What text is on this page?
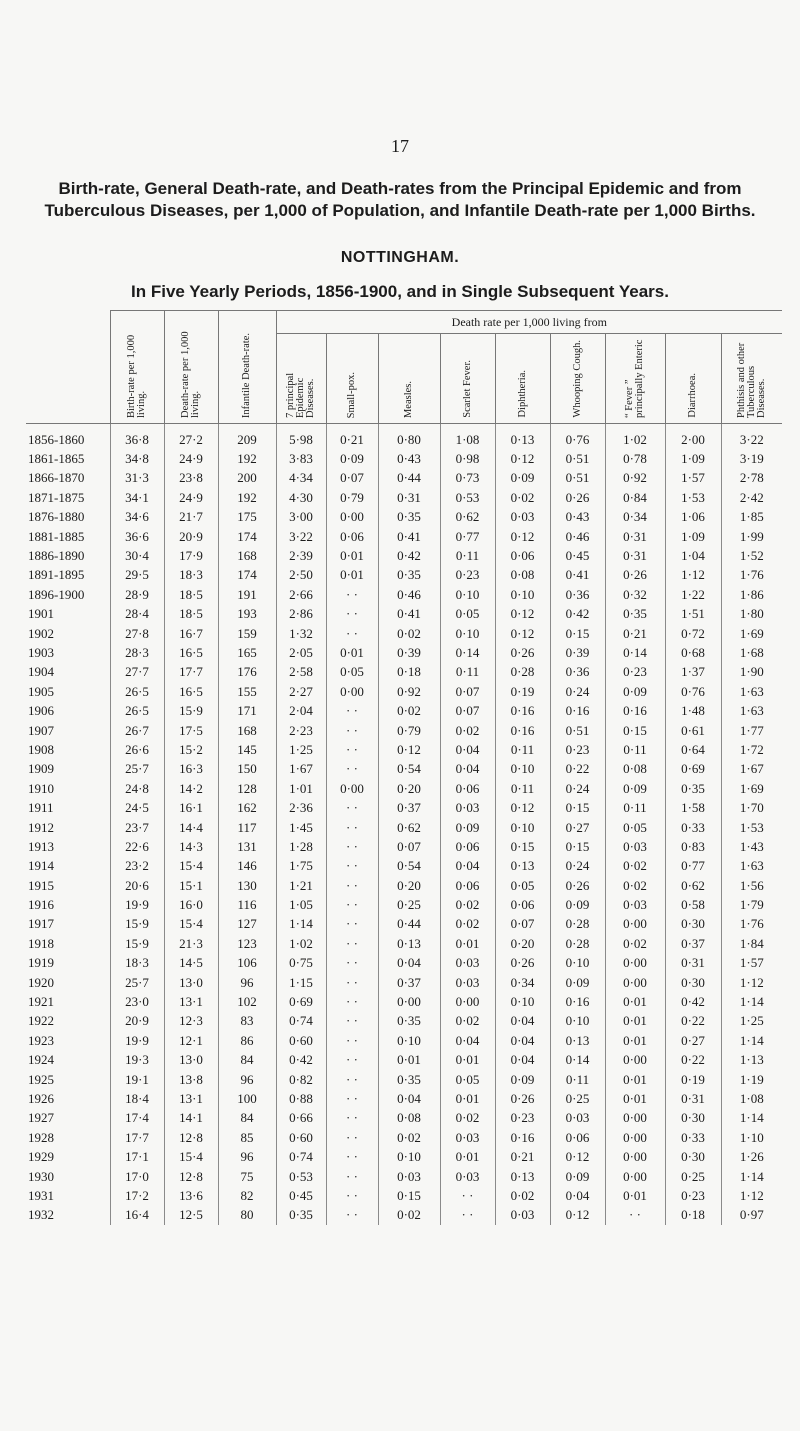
17
Birth-rate, General Death-rate, and Death-rates from the Principal Epidemic and from Tuberculous Diseases, per 1,000 of Population, and Infantile Death-rate per 1,000 Births.
NOTTINGHAM.
In Five Yearly Periods, 1856-1900, and in Single Subsequent Years.
	Birth-rate per 1,000 living.	Death-rate per 1,000 living.	Infantile Death-rate.	Death rate per 1,000 living from								
				7 principal Epidemic Diseases.	Small-pox.	Measles.	Scarlet Fever.	Diphtheria.	Whooping Cough.	“ Fever ” principally Enteric	Diarrhoea.	Phthisis and other Tuberculous Diseases.
1856-1860	36·8	27·2	209	5·98	0·21	0·80	1·08	0·13	0·76	1·02	2·00	3·22
1861-1865	34·8	24·9	192	3·83	0·09	0·43	0·98	0·12	0·51	0·78	1·09	3·19
1866-1870	31·3	23·8	200	4·34	0·07	0·44	0·73	0·09	0·51	0·92	1·57	2·78
1871-1875	34·1	24·9	192	4·30	0·79	0·31	0·53	0·02	0·26	0·84	1·53	2·42
1876-1880	34·6	21·7	175	3·00	0·00	0·35	0·62	0·03	0·43	0·34	1·06	1·85
1881-1885	36·6	20·9	174	3·22	0·06	0·41	0·77	0·12	0·46	0·31	1·09	1·99
1886-1890	30·4	17·9	168	2·39	0·01	0·42	0·11	0·06	0·45	0·31	1·04	1·52
1891-1895	29·5	18·3	174	2·50	0·01	0·35	0·23	0·08	0·41	0·26	1·12	1·76
1896-1900	28·9	18·5	191	2·66	· ·	0·46	0·10	0·10	0·36	0·32	1·22	1·86
1901	28·4	18·5	193	2·86	· ·	0·41	0·05	0·12	0·42	0·35	1·51	1·80
1902	27·8	16·7	159	1·32	· ·	0·02	0·10	0·12	0·15	0·21	0·72	1·69
1903	28·3	16·5	165	2·05	0·01	0·39	0·14	0·26	0·39	0·14	0·68	1·68
1904	27·7	17·7	176	2·58	0·05	0·18	0·11	0·28	0·36	0·23	1·37	1·90
1905	26·5	16·5	155	2·27	0·00	0·92	0·07	0·19	0·24	0·09	0·76	1·63
1906	26·5	15·9	171	2·04	· ·	0·02	0·07	0·16	0·16	0·16	1·48	1·63
1907	26·7	17·5	168	2·23	· ·	0·79	0·02	0·16	0·51	0·15	0·61	1·77
1908	26·6	15·2	145	1·25	· ·	0·12	0·04	0·11	0·23	0·11	0·64	1·72
1909	25·7	16·3	150	1·67	· ·	0·54	0·04	0·10	0·22	0·08	0·69	1·67
1910	24·8	14·2	128	1·01	0·00	0·20	0·06	0·11	0·24	0·09	0·35	1·69
1911	24·5	16·1	162	2·36	· ·	0·37	0·03	0·12	0·15	0·11	1·58	1·70
1912	23·7	14·4	117	1·45	· ·	0·62	0·09	0·10	0·27	0·05	0·33	1·53
1913	22·6	14·3	131	1·28	· ·	0·07	0·06	0·15	0·15	0·03	0·83	1·43
1914	23·2	15·4	146	1·75	· ·	0·54	0·04	0·13	0·24	0·02	0·77	1·63
1915	20·6	15·1	130	1·21	· ·	0·20	0·06	0·05	0·26	0·02	0·62	1·56
1916	19·9	16·0	116	1·05	· ·	0·25	0·02	0·06	0·09	0·03	0·58	1·79
1917	15·9	15·4	127	1·14	· ·	0·44	0·02	0·07	0·28	0·00	0·30	1·76
1918	15·9	21·3	123	1·02	· ·	0·13	0·01	0·20	0·28	0·02	0·37	1·84
1919	18·3	14·5	106	0·75	· ·	0·04	0·03	0·26	0·10	0·00	0·31	1·57
1920	25·7	13·0	96	1·15	· ·	0·37	0·03	0·34	0·09	0·00	0·30	1·12
1921	23·0	13·1	102	0·69	· ·	0·00	0·00	0·10	0·16	0·01	0·42	1·14
1922	20·9	12·3	83	0·74	· ·	0·35	0·02	0·04	0·10	0·01	0·22	1·25
1923	19·9	12·1	86	0·60	· ·	0·10	0·04	0·04	0·13	0·01	0·27	1·14
1924	19·3	13·0	84	0·42	· ·	0·01	0·01	0·04	0·14	0·00	0·22	1·13
1925	19·1	13·8	96	0·82	· ·	0·35	0·05	0·09	0·11	0·01	0·19	1·19
1926	18·4	13·1	100	0·88	· ·	0·04	0·01	0·26	0·25	0·01	0·31	1·08
1927	17·4	14·1	84	0·66	· ·	0·08	0·02	0·23	0·03	0·00	0·30	1·14
1928	17·7	12·8	85	0·60	· ·	0·02	0·03	0·16	0·06	0·00	0·33	1·10
1929	17·1	15·4	96	0·74	· ·	0·10	0·01	0·21	0·12	0·00	0·30	1·26
1930	17·0	12·8	75	0·53	· ·	0·03	0·03	0·13	0·09	0·00	0·25	1·14
1931	17·2	13·6	82	0·45	· ·	0·15	· ·	0·02	0·04	0·01	0·23	1·12
1932	16·4	12·5	80	0·35	· ·	0·02	· ·	0·03	0·12	· ·	0·18	0·97
